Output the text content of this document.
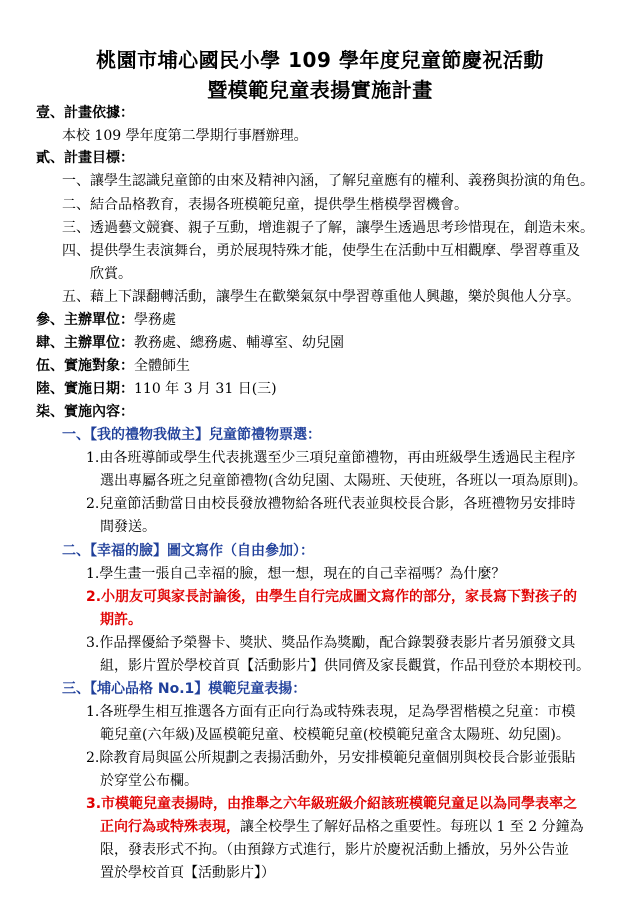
桃園市埔心國民小學 109 學年度兒童節慶祝活動
暨模範兒童表揚實施計畫
壹、計畫依據：
本校 109 學年度第二學期行事曆辦理。
貳、計畫目標：
一、讓學生認識兒童節的由來及精神內涵，了解兒童應有的權利、義務與扮演的角色。
二、結合品格教育，表揚各班模範兒童，提供學生楷模學習機會。
三、透過藝文競賽、親子互動，增進親子了解，讓學生透過思考珍惜現在，創造未來。
四、提供學生表演舞台，勇於展現特殊才能，使學生在活動中互相觀摩、學習尊重及
欣賞。
五、藉上下課翻轉活動，讓學生在歡樂氣氛中學習尊重他人興趣，樂於與他人分享。
參、主辦單位：學務處
肆、主辦單位：教務處、總務處、輔導室、幼兒園
伍、實施對象：全體師生
陸、實施日期：110 年 3 月 31 日(三)
柒、實施內容：
一、【我的禮物我做主】兒童節禮物票選：
1.由各班導師或學生代表挑選至少三項兒童節禮物，再由班級學生透過民主程序
選出專屬各班之兒童節禮物(含幼兒園、太陽班、天使班，各班以一項為原則)。
2.兒童節活動當日由校長發放禮物給各班代表並與校長合影，各班禮物另安排時
間發送。
二、【幸福的臉】圖文寫作（自由參加）：
1.學生畫一張自己幸福的臉，想一想，現在的自己幸福嗎？為什麼？
2.小朋友可與家長討論後，由學生自行完成圖文寫作的部分，家長寫下對孩子的
期許。
3.作品擇優給予榮譽卡、獎狀、獎品作為獎勵，配合錄製發表影片者另頒發文具
組，影片置於學校首頁【活動影片】供同儕及家長觀賞，作品刊登於本期校刊。
三、【埔心品格 No.1】模範兒童表揚：
1.各班學生相互推選各方面有正向行為或特殊表現，足為學習楷模之兒童：市模
範兒童(六年級)及區模範兒童、校模範兒童(校模範兒童含太陽班、幼兒園)。
2.除教育局與區公所規劃之表揚活動外，另安排模範兒童個別與校長合影並張貼
於穿堂公布欄。
3.市模範兒童表揚時，由推舉之六年級班級介紹該班模範兒童足以為同學表率之
正向行為或特殊表現，讓全校學生了解好品格之重要性。每班以 1 至 2 分鐘為
限，發表形式不拘。（由預錄方式進行，影片於慶祝活動上播放，另外公告並
置於學校首頁【活動影片】）
